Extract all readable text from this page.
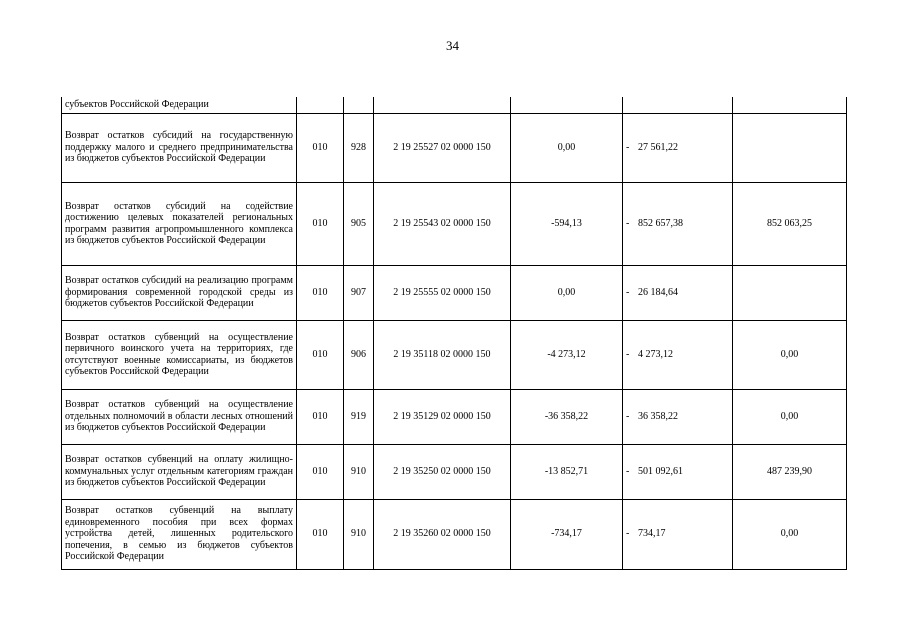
34
субъектов Российской Федерации						
Возврат остатков субсидий на государственную поддержку малого и среднего предпринимательства из бюджетов субъектов Российской Федерации	010	928	2 19 25527 02 0000 150	0,00	- 27 561,22	
Возврат остатков субсидий на содействие достижению целевых показателей региональных программ развития агропромышленного комплекса из бюджетов субъектов Российской Федерации	010	905	2 19 25543 02 0000 150	-594,13	- 852 657,38	852 063,25
Возврат остатков субсидий на реализацию программ формирования современной городской среды из бюджетов субъектов Российской Федерации	010	907	2 19 25555 02 0000 150	0,00	- 26 184,64	
Возврат остатков субвенций на осуществление первичного воинского учета на территориях, где отсутствуют военные комиссариаты, из бюджетов субъектов Российской Федерации	010	906	2 19 35118 02 0000 150	-4 273,12	- 4 273,12	0,00
Возврат остатков субвенций на осуществление отдельных полномочий в области лесных отношений из бюджетов субъектов Российской Федерации	010	919	2 19 35129 02 0000 150	-36 358,22	- 36 358,22	0,00
Возврат остатков субвенций на оплату жилищно-коммунальных услуг отдельным категориям граждан из бюджетов субъектов Российской Федерации	010	910	2 19 35250 02 0000 150	-13 852,71	- 501 092,61	487 239,90
Возврат остатков субвенций на выплату единовременного пособия при всех формах устройства детей, лишенных родительского попечения, в семью из бюджетов субъектов Российской Федерации	010	910	2 19 35260 02 0000 150	-734,17	- 734,17	0,00
